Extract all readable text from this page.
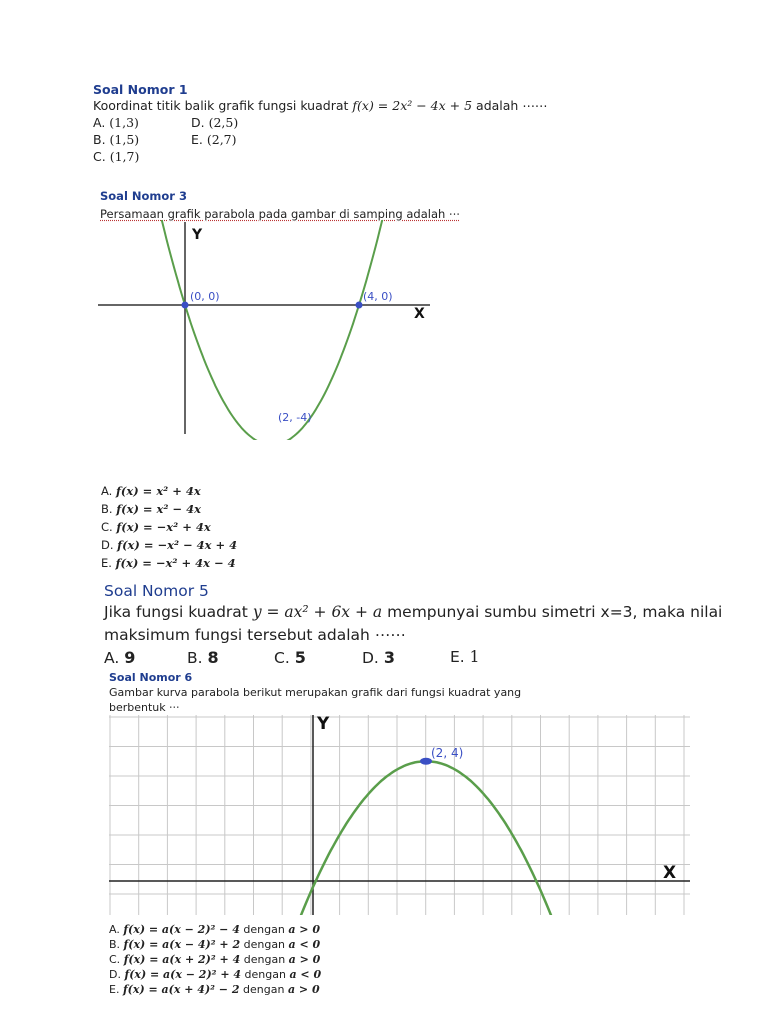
Soal Nomor 1
Koordinat titik balik grafik fungsi kuadrat f(x) = 2x² − 4x + 5 adalah ⋯⋯
A. (1,3)	D. (2,5)
B. (1,5)	E. (2,7)
C. (1,7)
Soal Nomor 3
Persamaan grafik parabola pada gambar di samping adalah ⋅⋅⋅
X
Y
(0, 0)	(4, 0)
(2, -4)
A. f(x) = x² + 4x
B. f(x) = x² − 4x
C. f(x) = −x² + 4x
D. f(x) = −x² − 4x + 4
E. f(x) = −x² + 4x − 4
Soal Nomor 5
Jika fungsi kuadrat y = ax² + 6x + a mempunyai sumbu simetri x=3, maka nilai
maksimum fungsi tersebut adalah ⋯⋯
A. 9	B. 8	C. 5	D. 3	E. 1
Soal Nomor 6
Gambar kurva parabola berikut merupakan grafik dari fungsi kuadrat yang
berbentuk ⋅⋅⋅
X
Y
(2, 4)
A. f(x) = a(x − 2)² − 4 dengan a > 0
B. f(x) = a(x − 4)² + 2 dengan a < 0
C. f(x) = a(x + 2)² + 4 dengan a > 0
D. f(x) = a(x − 2)² + 4 dengan a < 0
E. f(x) = a(x + 4)² − 2 dengan a > 0
